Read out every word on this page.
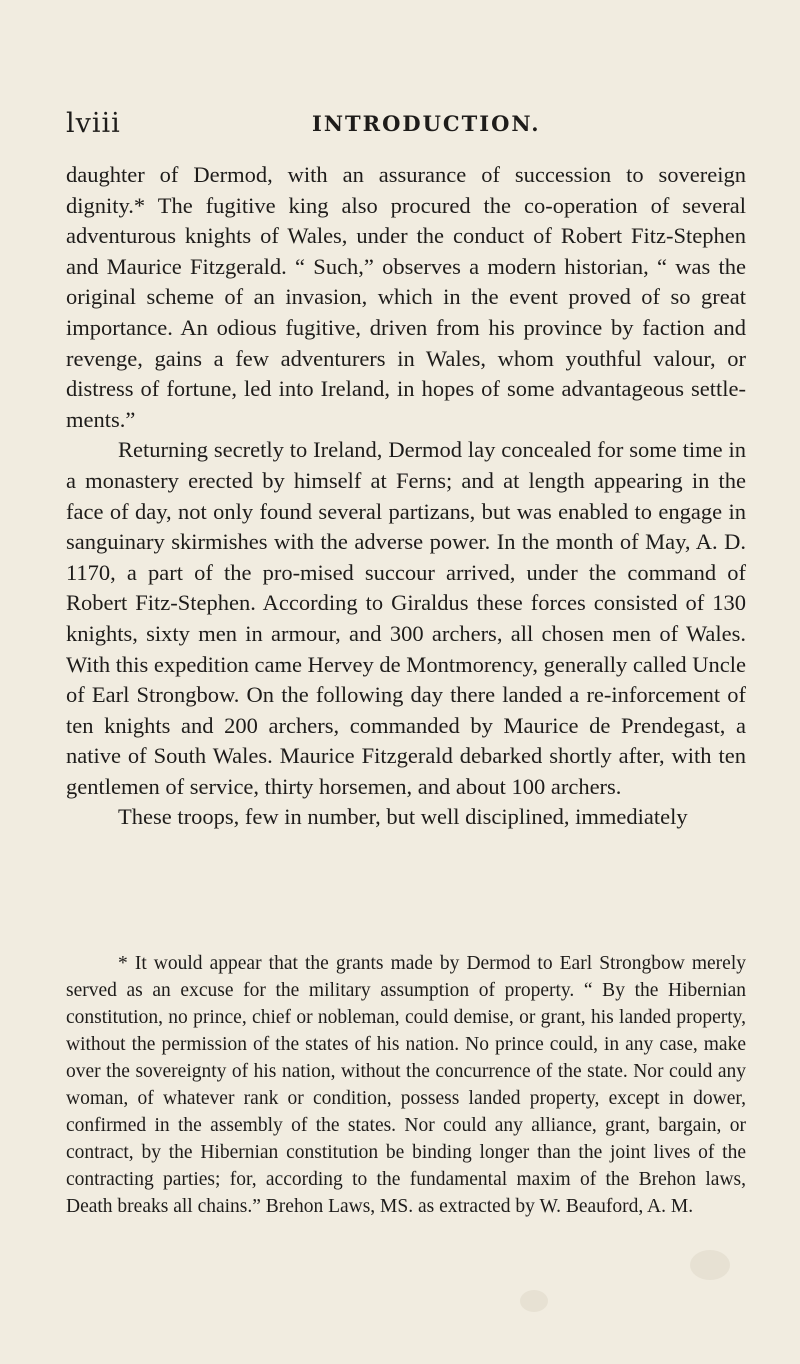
lviii	INTRODUCTION.

daughter of Dermod, with an assurance of succession to sovereign dignity.* The fugitive king also procured the co-operation of several adventurous knights of Wales, under the conduct of Robert Fitz-Stephen and Maurice Fitzgerald. “ Such,” observes a modern historian, “ was the original scheme of an invasion, which in the event proved of so great importance. An odious fugitive, driven from his province by faction and revenge, gains a few adventurers in Wales, whom youthful valour, or distress of fortune, led into Ireland, in hopes of some advantageous settle-ments.”

Returning secretly to Ireland, Dermod lay concealed for some time in a monastery erected by himself at Ferns; and at length appearing in the face of day, not only found several partizans, but was enabled to engage in sanguinary skirmishes with the adverse power. In the month of May, A. D. 1170, a part of the pro-mised succour arrived, under the command of Robert Fitz-Stephen. According to Giraldus these forces consisted of 130 knights, sixty men in armour, and 300 archers, all chosen men of Wales. With this expedition came Hervey de Montmorency, generally called Uncle of Earl Strongbow. On the following day there landed a re-inforcement of ten knights and 200 archers, commanded by Maurice de Prendegast, a native of South Wales. Maurice Fitzgerald debarked shortly after, with ten gentlemen of service, thirty horsemen, and about 100 archers.

These troops, few in number, but well disciplined, immediately

* It would appear that the grants made by Dermod to Earl Strongbow merely served as an excuse for the military assumption of property. “ By the Hibernian constitution, no prince, chief or nobleman, could demise, or grant, his landed property, without the permission of the states of his nation. No prince could, in any case, make over the sovereignty of his nation, without the concurrence of the state. Nor could any woman, of whatever rank or condition, possess landed property, except in dower, confirmed in the assembly of the states. Nor could any alliance, grant, bargain, or contract, by the Hibernian constitution be binding longer than the joint lives of the contracting parties; for, according to the fundamental maxim of the Brehon laws, Death breaks all chains.” Brehon Laws, MS. as extracted by W. Beauford, A. M.
